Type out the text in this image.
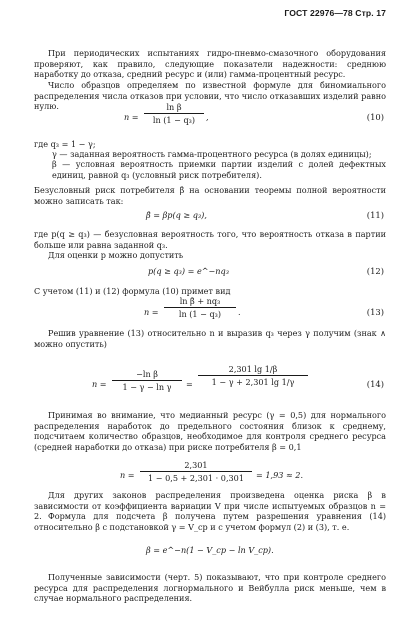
ГОСТ 22976—78 Стр. 17
При периодических испытаниях гидро-пневмо-смазочного оборудования проверяют, как правило, следующие показатели надежности: среднюю наработку до отказа, средний ресурс и (или) гамма-процентный ресурс.
Число образцов определяем по известной формуле для биномиального распределения числа отказов при условии, что число отказавших изделий равно нулю.
n =
ln β
ln (1 − q₃)	,	(10)
где q₃ = 1 − γ;
γ — заданная вероятность гамма-процентного ресурса (в долях единицы);
β — условная вероятность приемки партии изделий с долей дефектных единиц, равной q₃ (условный риск потребителя).
Безусловный риск потребителя β̂ на основании теоремы полной вероятности можно записать так:
β̂ = βp(q ≥ q₃),	(11)
где p(q ≥ q₃) — безусловная вероятность того, что вероятность отказа в партии больше или равна заданной q₃.
Для оценки p можно допустить
p(q ≥ q₃) = e^−nq₃	(12)
С учетом (11) и (12) формула (10) примет вид
n =
ln β̂ + nq₃
ln (1 − q₃)	.	(13)
Решив уравнение (13) относительно n и выразив q₃ через γ получим (знак ∧ можно опустить)
n =
−ln β
1 − γ − ln γ	=
2,301 lg 1/β
1 − γ + 2,301 lg 1/γ	(14)
Принимая во внимание, что медианный ресурс (γ = 0,5) для нормального распределения наработок до предельного состояния близок к среднему, подсчитаем количество образцов, необходимое для контроля среднего ресурса (средней наработки до отказа) при риске потребителя β = 0,1
n =
2,301
1 − 0,5 + 2,301 · 0,301	= 1,93 ≈ 2.
Для других законов распределения произведена оценка риска β в зависимости от коэффициента вариации V при числе испытуемых образцов n = 2. Формула для подсчета β получена путем разрешения уравнения (14) относительно β с подстановкой γ = V_ср и с учетом формул (2) и (3), т. е.
β = e^−n(1 − V_ср − ln V_ср).
Полученные зависимости (черт. 5) показывают, что при контроле среднего ресурса для распределения логнормального и Вейбулла риск меньше, чем в случае нормального распределения.
